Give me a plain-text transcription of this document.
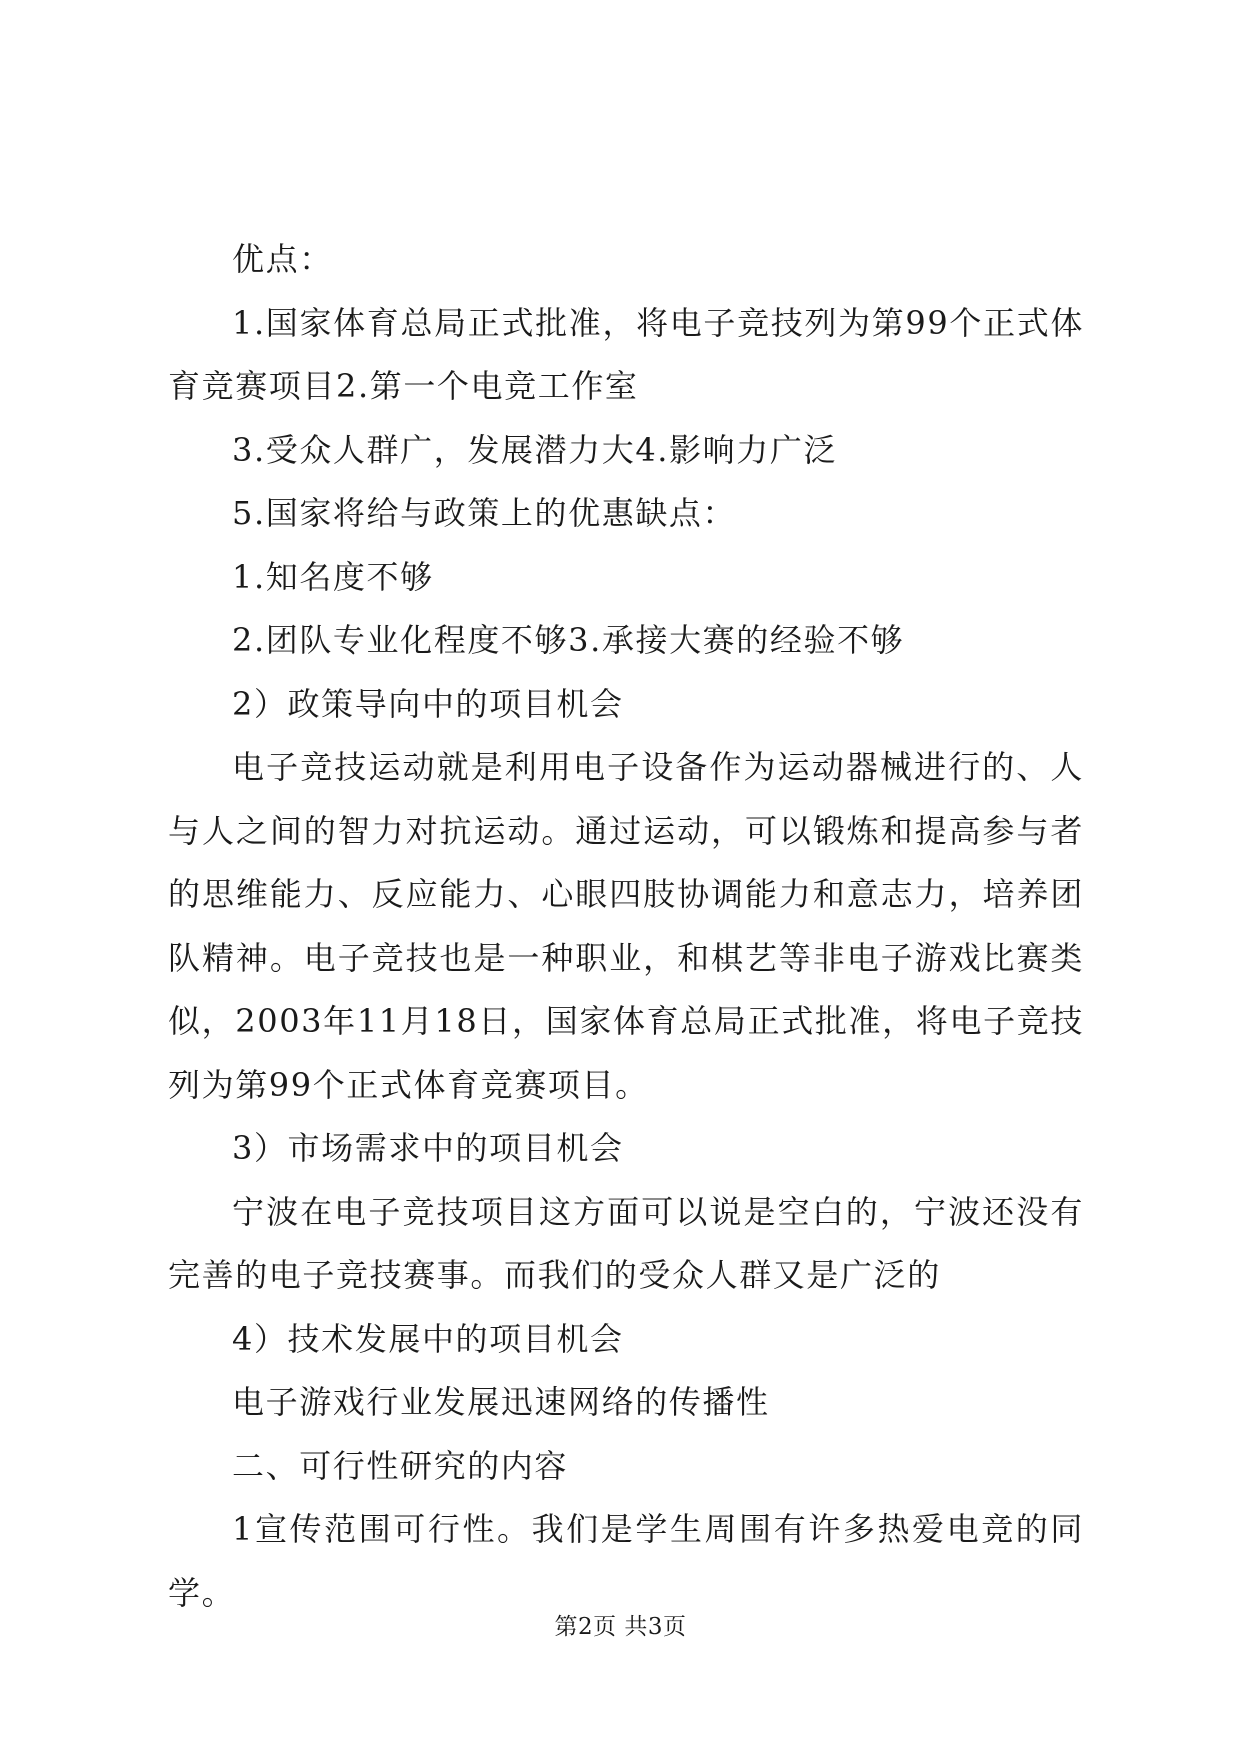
优点：

1.国家体育总局正式批准，将电子竞技列为第99个正式体育竞赛项目2.第一个电竞工作室

3.受众人群广，发展潜力大4.影响力广泛

5.国家将给与政策上的优惠缺点：

1.知名度不够

2.团队专业化程度不够3.承接大赛的经验不够

2）政策导向中的项目机会

电子竞技运动就是利用电子设备作为运动器械进行的、人与人之间的智力对抗运动。通过运动，可以锻炼和提高参与者的思维能力、反应能力、心眼四肢协调能力和意志力，培养团队精神。电子竞技也是一种职业，和棋艺等非电子游戏比赛类似，2003年11月18日，国家体育总局正式批准，将电子竞技列为第99个正式体育竞赛项目。

3）市场需求中的项目机会

宁波在电子竞技项目这方面可以说是空白的，宁波还没有完善的电子竞技赛事。而我们的受众人群又是广泛的

4）技术发展中的项目机会

电子游戏行业发展迅速网络的传播性

二、可行性研究的内容

1宣传范围可行性。我们是学生周围有许多热爱电竞的同学。

第2页 共3页
